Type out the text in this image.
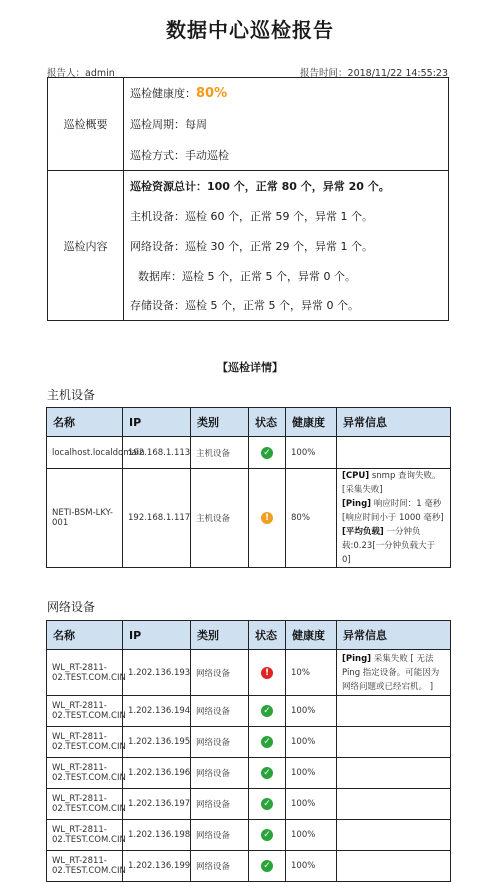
数据中心巡检报告
报告人：admin	报告时间：2018/11/22 14:55:23
巡检概要	巡检健康度：80%
	巡检周期：每周
	巡检方式：手动巡检
巡检内容	巡检资源总计：100 个，正常 80 个，异常 20 个。
	主机设备：巡检 60 个，正常 59 个，异常 1 个。
	网络设备：巡检 30 个，正常 29 个，异常 1 个。
	数据库：巡检 5 个，正常 5 个，异常 0 个。
	存储设备：巡检 5 个，正常 5 个，异常 0 个。
【巡检详情】
主机设备
名称	IP	类别	状态	健康度	异常信息
localhost.localdomain	192.168.1.113	主机设备	✓	100%	
NETI-BSM-LKY-001	192.168.1.117	主机设备	!	80%	[CPU] snmp 查询失败。[采集失败]
[Ping] 响应时间：1 毫秒[响应时间小于 1000 毫秒]
[平均负载] 一分钟负载:0.23[一分钟负载大于 0]
网络设备
名称	IP	类别	状态	健康度	异常信息
WL_RT-2811-02.TEST.COM.CIN	1.202.136.193	网络设备	!	10%	[Ping] 采集失败 [ 无法 Ping 指定设备。可能因为网络问题或已经宕机。 ]

WL_RT-2811-02.TEST.COM.CIN	1.202.136.194	网络设备	✓	100%	
WL_RT-2811-02.TEST.COM.CIN	1.202.136.195	网络设备	✓	100%	
WL_RT-2811-02.TEST.COM.CIN	1.202.136.196	网络设备	✓	100%	
WL_RT-2811-02.TEST.COM.CIN	1.202.136.197	网络设备	✓	100%	
WL_RT-2811-02.TEST.COM.CIN	1.202.136.198	网络设备	✓	100%	
WL_RT-2811-02.TEST.COM.CIN	1.202.136.199	网络设备	✓	100%	
